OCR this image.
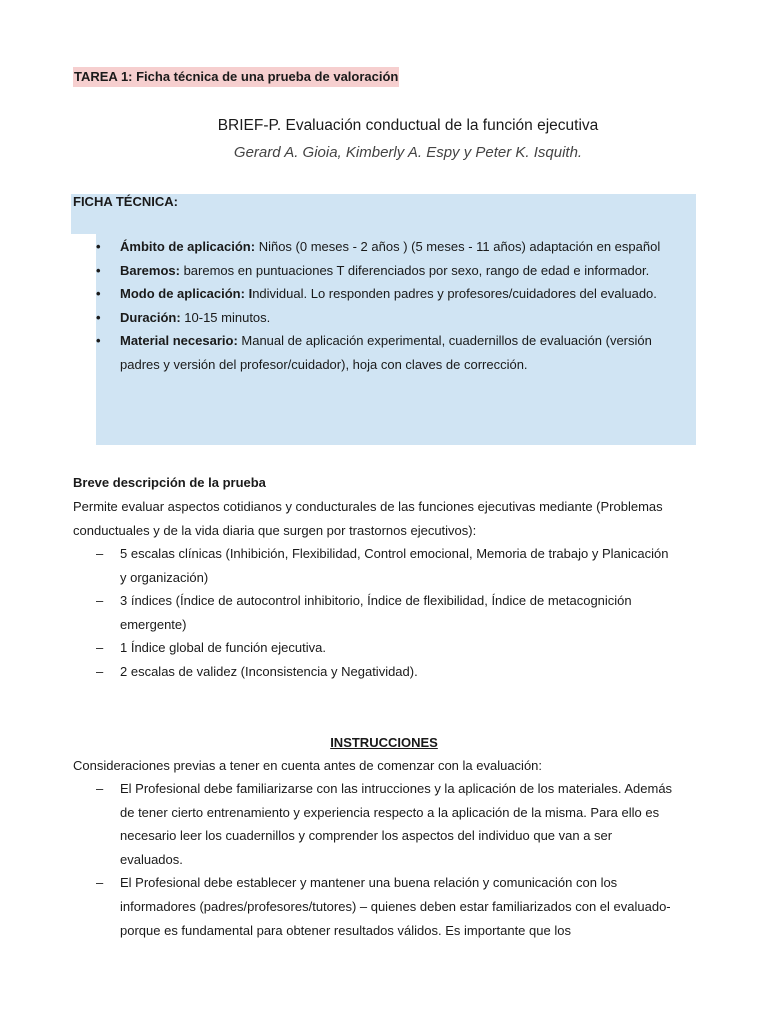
TAREA 1: Ficha técnica de una prueba de valoración
BRIEF-P. Evaluación conductual de la función ejecutiva
Gerard A. Gioia, Kimberly A. Espy y Peter K. Isquith.
FICHA TÉCNICA:
• Ámbito de aplicación: Niños (0 meses - 2 años ) (5 meses - 11 años) adaptación en español
• Baremos: baremos en puntuaciones T diferenciados por sexo, rango de edad e informador.
• Modo de aplicación: Individual. Lo responden padres y profesores/cuidadores del evaluado.
• Duración: 10-15 minutos.
• Material necesario: Manual de aplicación experimental, cuadernillos de evaluación (versión padres y versión del profesor/cuidador), hoja con claves de corrección.
Breve descripción de la prueba

Permite evaluar aspectos cotidianos y conducturales de las funciones ejecutivas mediante (Problemas conductuales y de la vida diaria que surgen por trastornos ejecutivos):

– 5 escalas clínicas (Inhibición, Flexibilidad, Control emocional, Memoria de trabajo y Planicación y organización)
– 3 índices (Índice de autocontrol inhibitorio, Índice de flexibilidad, Índice de metacognición emergente)
– 1 Índice global de función ejecutiva.
– 2 escalas de validez (Inconsistencia y Negatividad).
INSTRUCCIONES

Consideraciones previas a tener en cuenta antes de comenzar con la evaluación:

– El Profesional debe familiarizarse con las intrucciones y la aplicación de los materiales. Además de tener cierto entrenamiento y experiencia respecto a la aplicación de la misma. Para ello es necesario leer los cuadernillos y comprender los aspectos del individuo que van a ser evaluados.
– El Profesional debe establecer y mantener una buena relación y comunicación con los informadores (padres/profesores/tutores) – quienes deben estar familiarizados con el evaluado- porque es fundamental para obtener resultados válidos. Es importante que los
